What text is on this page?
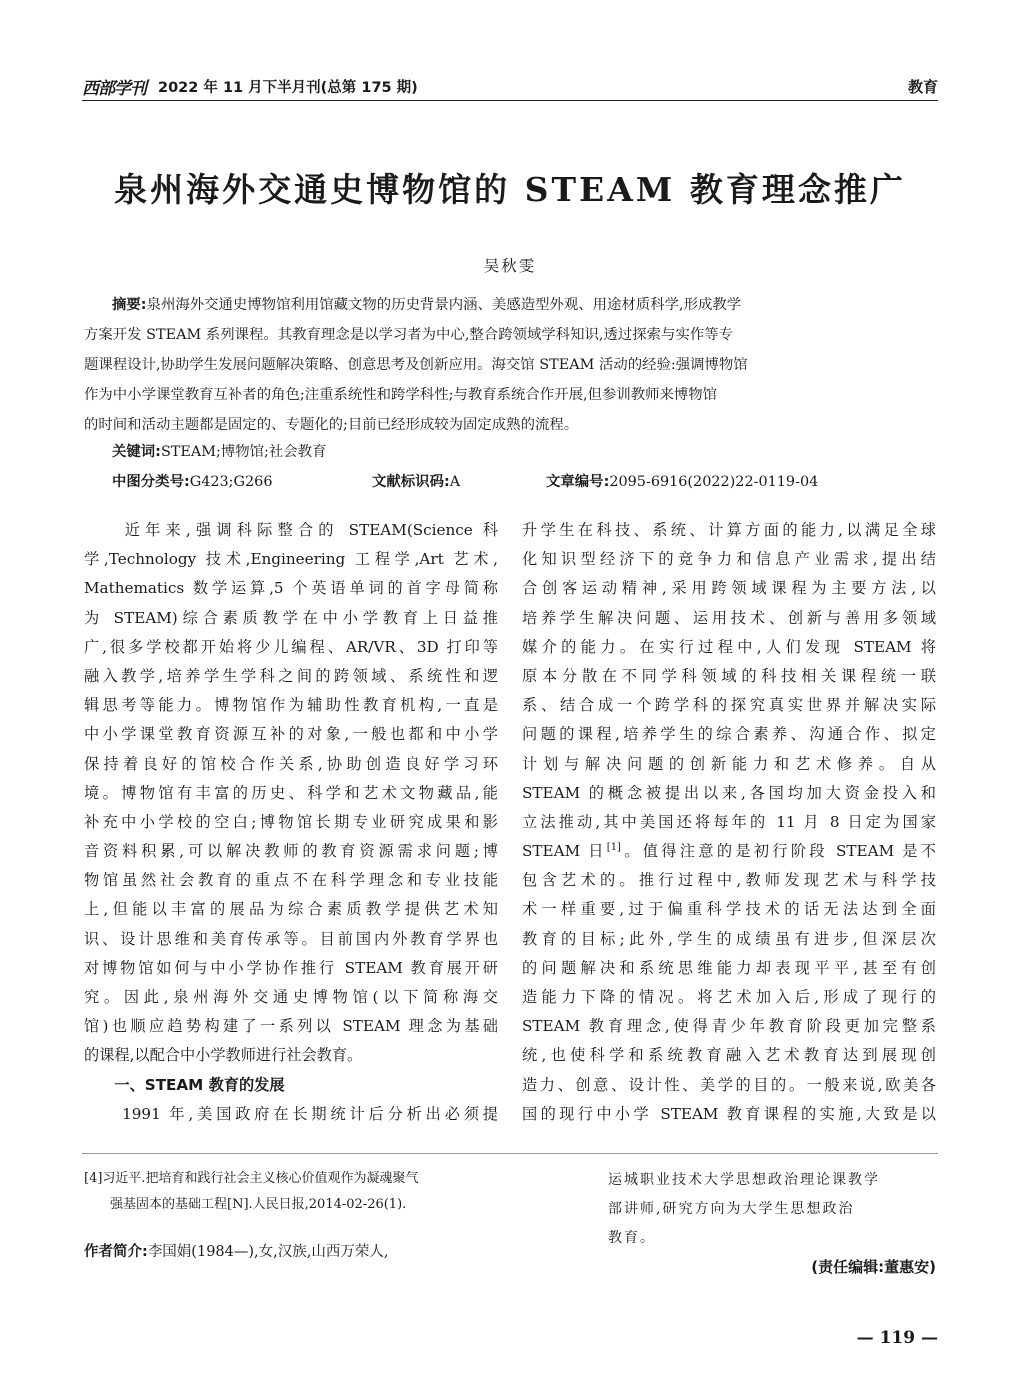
西部学刊 2022 年 11 月下半月刊(总第 175 期)	教育
泉州海外交通史博物馆的 STEAM 教育理念推广
吴秋雯
摘要:泉州海外交通史博物馆利用馆藏文物的历史背景内涵、美感造型外观、用途材质科学,形成教学
方案开发 STEAM 系列课程。其教育理念是以学习者为中心,整合跨领域学科知识,透过探索与实作等专
题课程设计,协助学生发展问题解决策略、创意思考及创新应用。海交馆 STEAM 活动的经验:强调博物馆
作为中小学课堂教育互补者的角色;注重系统性和跨学科性;与教育系统合作开展,但参训教师来博物馆
的时间和活动主题都是固定的、专题化的;目前已经形成较为固定成熟的流程。
关键词:STEAM;博物馆;社会教育
中图分类号:G423;G266	文献标识码:A	文章编号:2095-6916(2022)22-0119-04
　　近年来,强调科际整合的 STEAM(Science 科
学,Technology 技术,Engineering 工程学,Art 艺术,
Mathematics 数学运算,5 个英语单词的首字母简称
为 STEAM)综合素质教学在中小学教育上日益推
广,很多学校都开始将少儿编程、AR/VR、3D 打印等
融入教学,培养学生学科之间的跨领域、系统性和逻
辑思考等能力。博物馆作为辅助性教育机构,一直是
中小学课堂教育资源互补的对象,一般也都和中小学
保持着良好的馆校合作关系,协助创造良好学习环
境。博物馆有丰富的历史、科学和艺术文物藏品,能
补充中小学校的空白;博物馆长期专业研究成果和影
音资料积累,可以解决教师的教育资源需求问题;博
物馆虽然社会教育的重点不在科学理念和专业技能
上,但能以丰富的展品为综合素质教学提供艺术知
识、设计思维和美育传承等。目前国内外教育学界也
对博物馆如何与中小学协作推行 STEAM 教育展开研
究。因此,泉州海外交通史博物馆(以下简称海交
馆)也顺应趋势构建了一系列以 STEAM 理念为基础
的课程,以配合中小学教师进行社会教育。
　　一、STEAM 教育的发展
　　1991 年,美国政府在长期统计后分析出必须提
升学生在科技、系统、计算方面的能力,以满足全球
化知识型经济下的竞争力和信息产业需求,提出结
合创客运动精神,采用跨领域课程为主要方法,以
培养学生解决问题、运用技术、创新与善用多领域
媒介的能力。在实行过程中,人们发现 STEAM 将
原本分散在不同学科领域的科技相关课程统一联
系、结合成一个跨学科的探究真实世界并解决实际
问题的课程,培养学生的综合素养、沟通合作、拟定
计划与解决问题的创新能力和艺术修养。自从
STEAM 的概念被提出以来,各国均加大资金投入和
立法推动,其中美国还将每年的 11 月 8 日定为国家
STEAM 日[1]。值得注意的是初行阶段 STEAM 是不
包含艺术的。推行过程中,教师发现艺术与科学技
术一样重要,过于偏重科学技术的话无法达到全面
教育的目标;此外,学生的成绩虽有进步,但深层次
的问题解决和系统思维能力却表现平平,甚至有创
造能力下降的情况。将艺术加入后,形成了现行的
STEAM 教育理念,使得青少年教育阶段更加完整系
统,也使科学和系统教育融入艺术教育达到展现创
造力、创意、设计性、美学的目的。一般来说,欧美各
国的现行中小学 STEAM 教育课程的实施,大致是以
[4]习近平.把培育和践行社会主义核心价值观作为凝魂聚气
　　强基固本的基础工程[N].人民日报,2014-02-26(1).
作者简介:李国娟(1984—),女,汉族,山西万荣人,
运城职业技术大学思想政治理论课教学
部讲师,研究方向为大学生思想政治
教育。
(责任编辑:董惠安)
— 119 —
